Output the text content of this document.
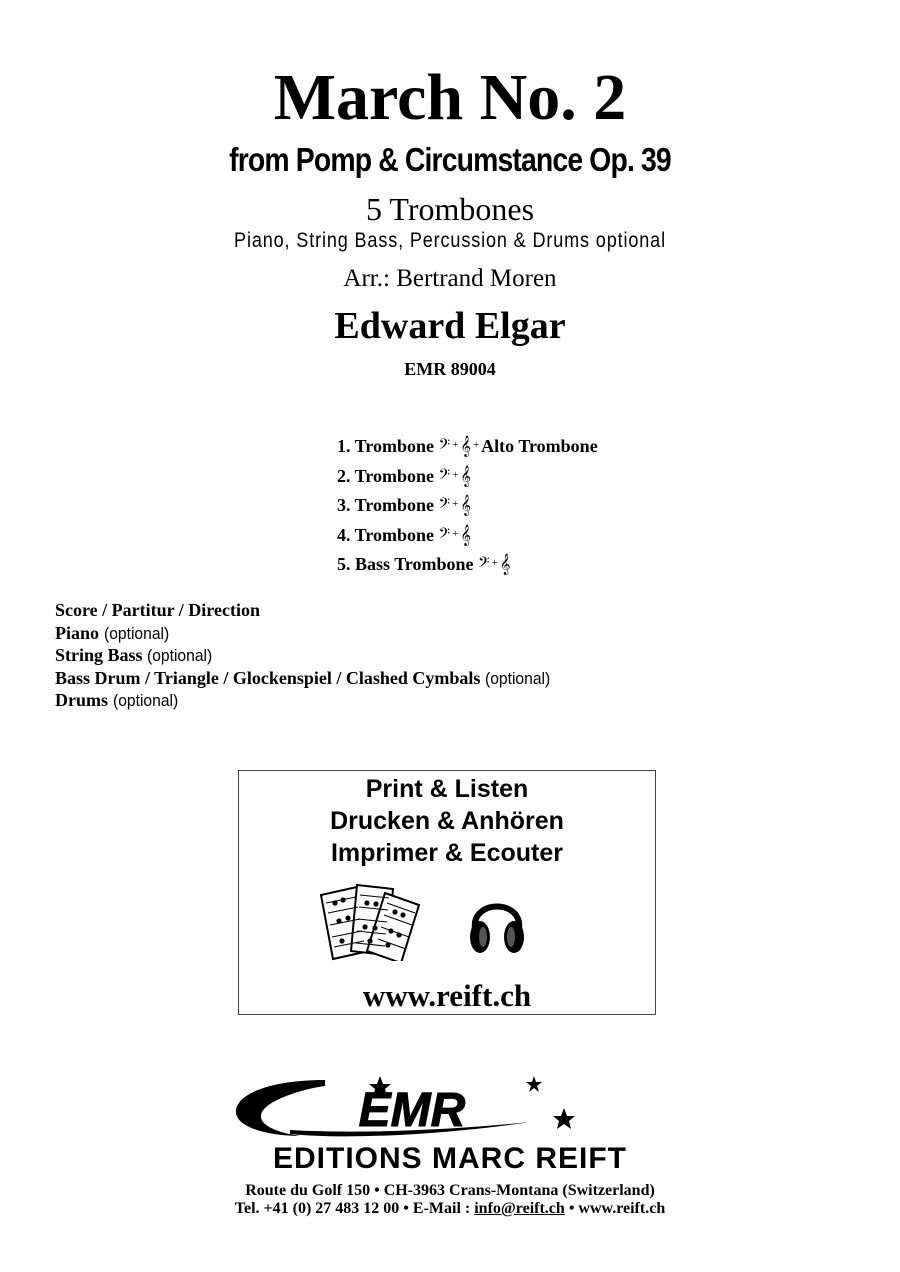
March No. 2
from Pomp & Circumstance Op. 39
5 Trombones
Piano, String Bass, Percussion & Drums optional
Arr.: Bertrand Moren
Edward Elgar
EMR 89004
1. Trombone 𝄢 + 𝄞 + Alto Trombone
2. Trombone 𝄢 + 𝄞
3. Trombone 𝄢 + 𝄞
4. Trombone 𝄢 + 𝄞
5. Bass Trombone 𝄢 + 𝄞
Score / Partitur / Direction
Piano (optional)
String Bass (optional)
Bass Drum / Triangle / Glockenspiel / Clashed Cymbals (optional)
Drums (optional)
Print & Listen
Drucken & Anhören
Imprimer & Ecouter
www.reift.ch
EMR
EDITIONS MARC REIFT
Route du Golf 150 • CH-3963 Crans-Montana (Switzerland)
Tel. +41 (0) 27 483 12 00 • E-Mail : info@reift.ch • www.reift.ch
